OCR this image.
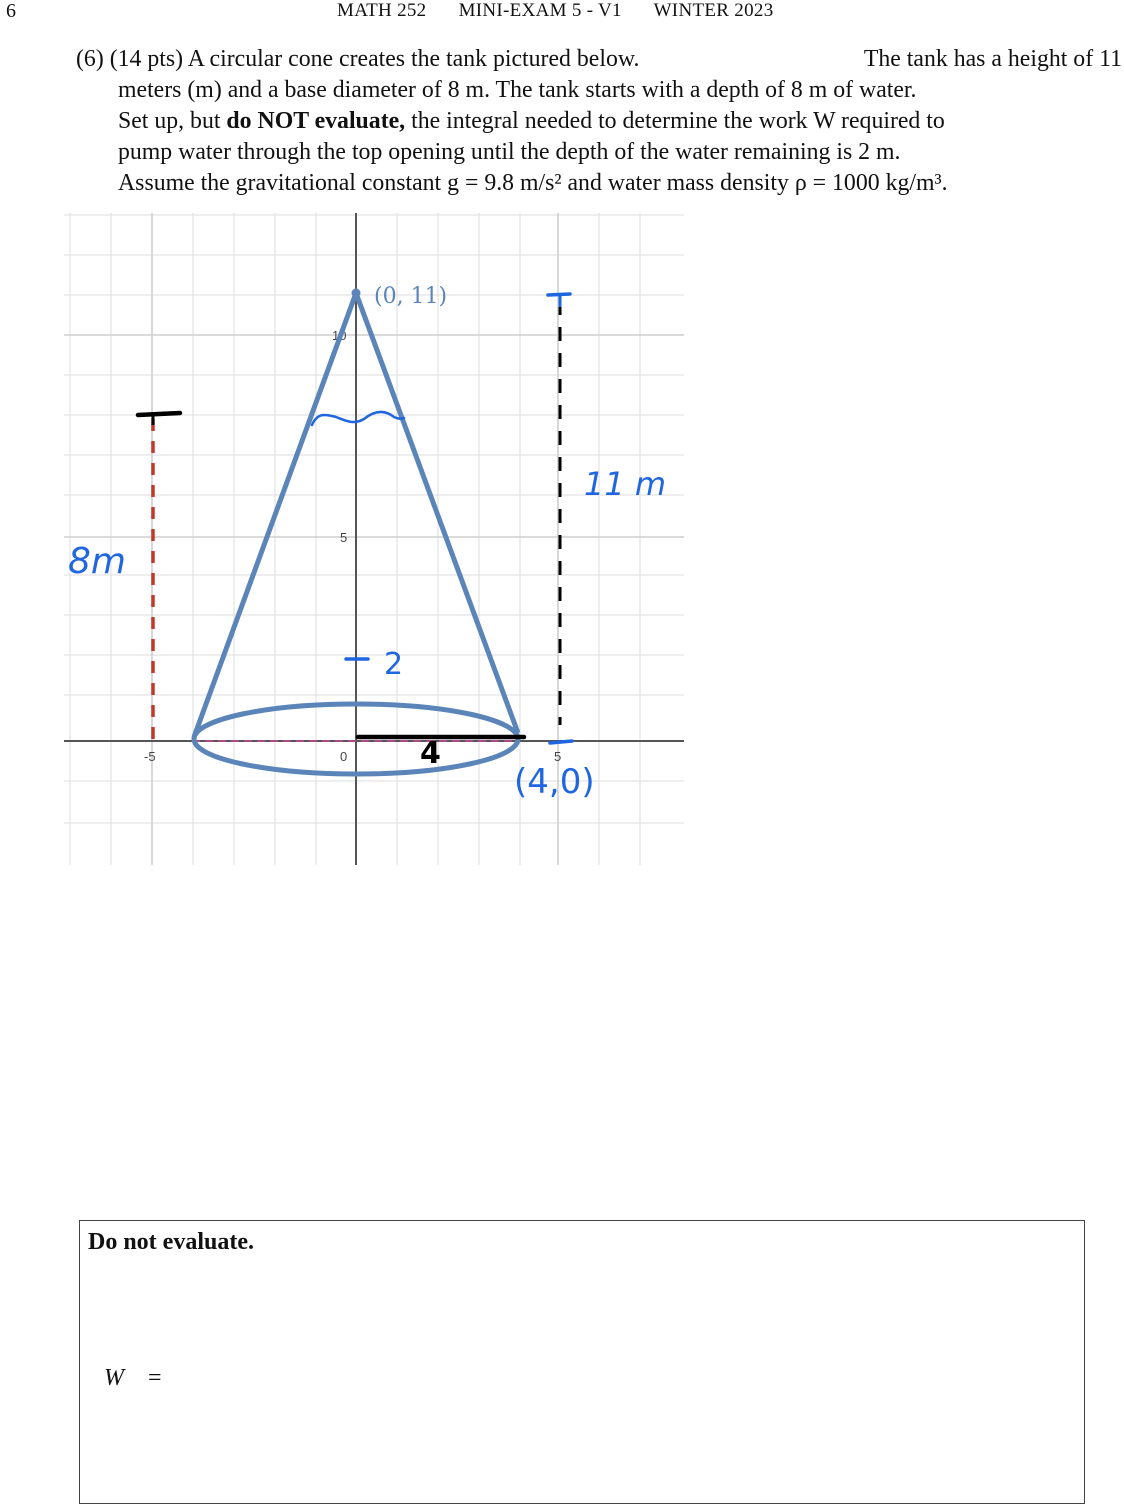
6	MATH 252 MINI-EXAM 5 - V1 WINTER 2023
(6) (14 pts) A circular cone creates the tank pictured below.	The tank has a height of 11
meters (m) and a base diameter of 8 m. The tank starts with a depth of 8 m of water.
Set up, but do NOT evaluate, the integral needed to determine the work W required to
pump water through the top opening until the depth of the water remaining is 2 m.
Assume the gravitational constant g = 9.8 m/s² and water mass density ρ = 1000 kg/m³.
-5	0	5
5
10
(0, 11)
2
8m
11 m
4
(4,0)
Do not evaluate.
W =
